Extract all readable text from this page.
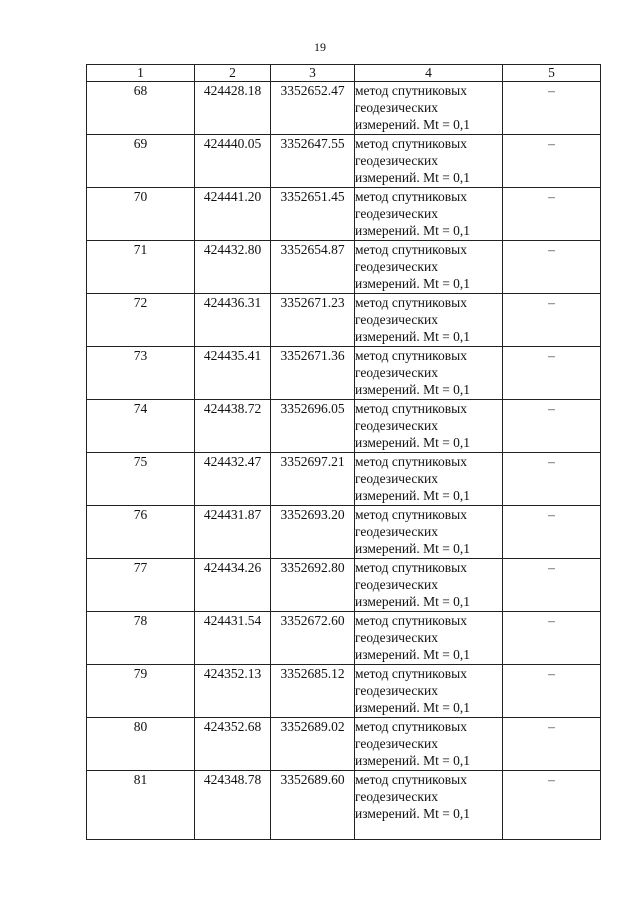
19
1	2	3	4	5
68	424428.18	3352652.47	метод спутниковых геодезических измерений. Mt = 0,1	–
69	424440.05	3352647.55	метод спутниковых геодезических измерений. Mt = 0,1	–
70	424441.20	3352651.45	метод спутниковых геодезических измерений. Mt = 0,1	–
71	424432.80	3352654.87	метод спутниковых геодезических измерений. Mt = 0,1	–
72	424436.31	3352671.23	метод спутниковых геодезических измерений. Mt = 0,1	–
73	424435.41	3352671.36	метод спутниковых геодезических измерений. Mt = 0,1	–
74	424438.72	3352696.05	метод спутниковых геодезических измерений. Mt = 0,1	–
75	424432.47	3352697.21	метод спутниковых геодезических измерений. Mt = 0,1	–
76	424431.87	3352693.20	метод спутниковых геодезических измерений. Mt = 0,1	–
77	424434.26	3352692.80	метод спутниковых геодезических измерений. Mt = 0,1	–
78	424431.54	3352672.60	метод спутниковых геодезических измерений. Mt = 0,1	–
79	424352.13	3352685.12	метод спутниковых геодезических измерений. Mt = 0,1	–
80	424352.68	3352689.02	метод спутниковых геодезических измерений. Mt = 0,1	–
81	424348.78	3352689.60	метод спутниковых геодезических измерений. Mt = 0,1	–
